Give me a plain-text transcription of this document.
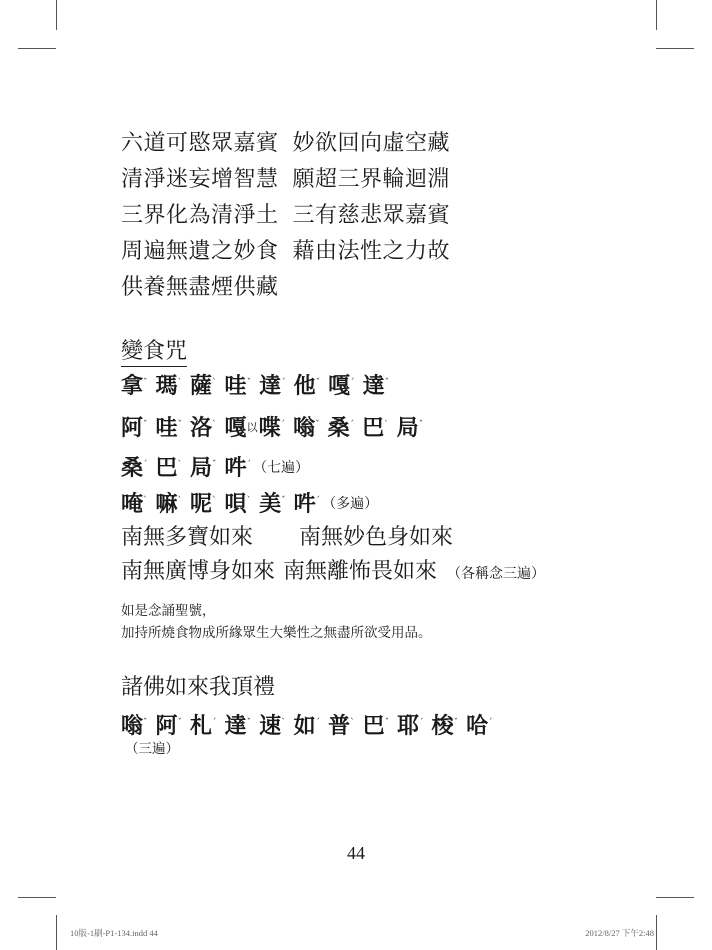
六道可愍眾嘉賓 妙欲回向虛空藏
清淨迷妄增智慧 願超三界輪迴淵
三界化為清淨土 三有慈悲眾嘉賓
周遍無遺之妙食 藉由法性之力故
供養無盡煙供藏
變食咒
拿ˇ 瑪ˋ 薩ˋ 哇ˇ 達ˊ 他ˇ 嘎ˊ 達ˇ
阿ˇ 哇ˇ 洛ˋ 嘎以喋ˊ 嗡ˇ 桑ˊ 巴ˋ 局ˇ
桑ˊ 巴ˋ 局ˇ 吽ˊ （七遍）
唵ˋ 嘛ˋ 呢ˋ 唄ˋ 美ˇ 吽ˊ （多遍）
南無多寶如來 南無妙色身如來
南無廣博身如來 南無離怖畏如來 （各稱念三遍）
如是念誦聖號，
加持所燒食物成所緣眾生大樂性之無盡所欲受用品。
諸佛如來我頂禮
嗡ˇ 阿ˇ 札ˊ 達ˇ 速ˋ 如ˊ 普ˋ 巴ˇ 耶ˊ 梭ˇ 哈ˊ
（三遍）
44
10版-1刷-P1-134.indd 44	2012/8/27 下午2:48
